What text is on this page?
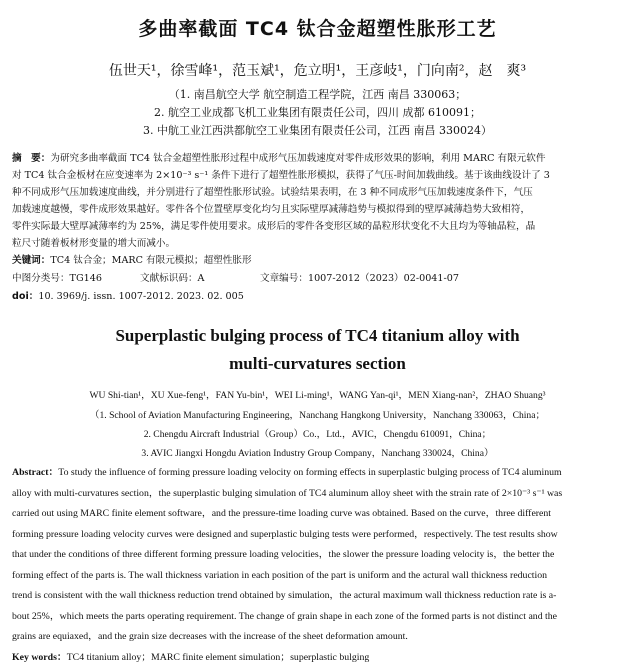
多曲率截面 TC4 钛合金超塑性胀形工艺
伍世天¹，徐雪峰¹，范玉斌¹，危立明¹，王彦岐¹，门向南²，赵　爽³
（1. 南昌航空大学 航空制造工程学院，江西 南昌 330063；
2. 航空工业成都飞机工业集团有限责任公司，四川 成都 610091；
3. 中航工业江西洪都航空工业集团有限责任公司，江西 南昌 330024）

摘　要：为研究多曲率截面 TC4 钛合金超塑性胀形过程中成形气压加载速度对零件成形效果的影响，利用 MARC 有限元软件

对 TC4 钛合金板材在应变速率为 2×10⁻³ s⁻¹ 条件下进行了超塑性胀形模拟，获得了气压-时间加载曲线。基于该曲线设计了 3

种不同成形气压加载速度曲线，并分别进行了超塑性胀形试验。试验结果表明，在 3 种不同成形气压加载速度条件下，气压

加载速度越慢，零件成形效果越好。零件各个位置壁厚变化均匀且实际壁厚减薄趋势与模拟得到的壁厚减薄趋势大致相符，

零件实际最大壁厚减薄率约为 25%，满足零件使用要求。成形后的零件各变形区域的晶粒形状变化不大且均为等轴晶粒，晶

粒尺寸随着板材形变量的增大而减小。

关键词：TC4 钛合金；MARC 有限元模拟；超塑性胀形

中图分类号：TG146	文献标识码：A	文章编号：1007-2012（2023）02-0041-07
doi：10. 3969/j. issn. 1007-2012. 2023. 02. 005
Superplastic bulging process of TC4 titanium alloy with
multi-curvatures section
WU Shi-tian¹，XU Xue-feng¹，FAN Yu-bin¹，WEI Li-ming¹，WANG Yan-qi¹，MEN Xiang-nan²，ZHAO Shuang³
（1. School of Aviation Manufacturing Engineering，Nanchang Hangkong University，Nanchang 330063，China；
2. Chengdu Aircraft Industrial（Group）Co.，Ltd.，AVIC，Chengdu 610091，China；
3. AVIC Jiangxi Hongdu Aviation Industry Group Company，Nanchang 330024，China）

Abstract：To study the influence of forming pressure loading velocity on forming effects in superplastic bulging process of TC4 aluminum

alloy with multi-curvatures section，the superplastic bulging simulation of TC4 aluminum alloy sheet with the strain rate of 2×10⁻³ s⁻¹ was

carried out using MARC finite element software，and the pressure-time loading curve was obtained. Based on the curve，three different

forming pressure loading velocity curves were designed and superplastic bulging tests were performed，respectively. The test results show

that under the conditions of three different forming pressure loading velocities，the slower the pressure loading velocity is，the better the

forming effect of the parts is. The wall thickness variation in each position of the part is uniform and the actural wall thickness reduction

trend is consistent with the wall thickness reduction trend obtained by simulation，the actural maximum wall thickness reduction rate is a-

bout 25%，which meets the parts operating requirement. The change of grain shape in each zone of the formed parts is not distinct and the

grains are equiaxed，and the grain size decreases with the increase of the sheet deformation amount.

Key words：TC4 titanium alloy；MARC finite element simulation；superplastic bulging
